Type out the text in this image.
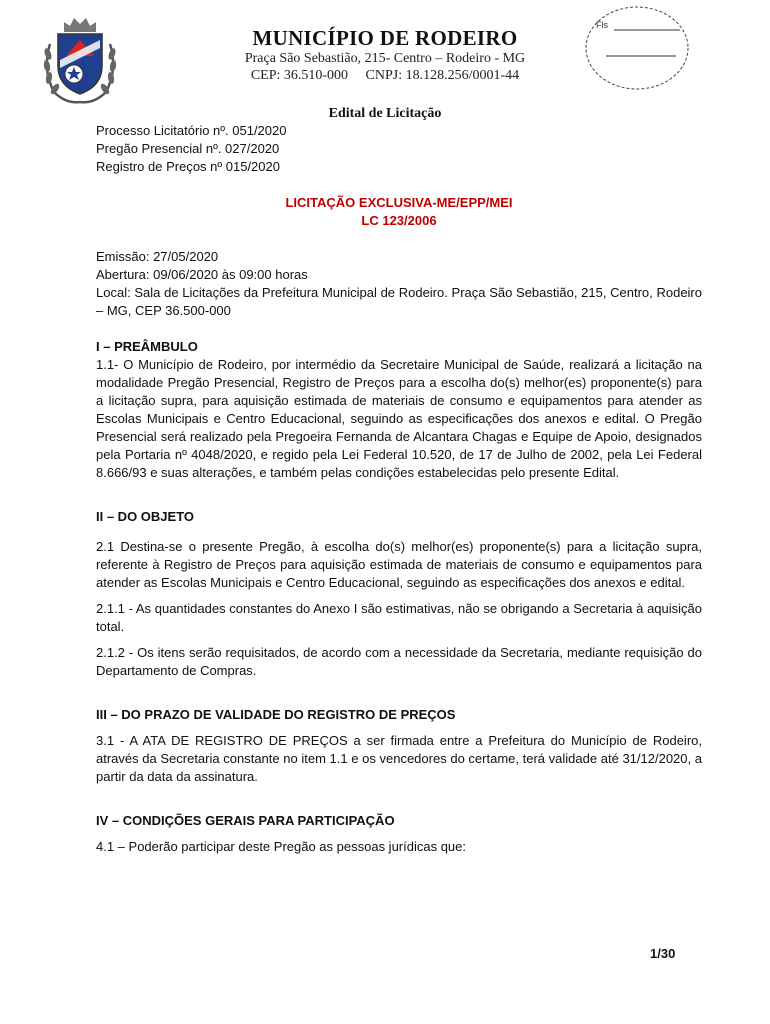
MUNICÍPIO DE RODEIRO

Praça São Sebastião, 215- Centro – Rodeiro - MG

CEP: 36.510-000 CNPJ: 18.128.256/0001-44

Fls
Edital de Licitação

Processo Licitatório nº. 051/2020

Pregão Presencial nº. 027/2020

Registro de Preços nº 015/2020

LICITAÇÃO EXCLUSIVA-ME/EPP/MEI

LC 123/2006

Emissão: 27/05/2020

Abertura: 09/06/2020 às 09:00 horas

Local: Sala de Licitações da Prefeitura Municipal de Rodeiro. Praça São Sebastião, 215, Centro, Rodeiro – MG, CEP 36.500-000

I – PREÂMBULO

1.1- O Município de Rodeiro, por intermédio da Secretaire Municipal de Saúde, realizará a licitação na modalidade Pregão Presencial, Registro de Preços para a escolha do(s) melhor(es) proponente(s) para a licitação supra, para aquisição estimada de materiais de consumo e equipamentos para atender as Escolas Municipais e Centro Educacional, seguindo as especificações dos anexos e edital. O Pregão Presencial será realizado pela Pregoeira Fernanda de Alcantara Chagas e Equipe de Apoio, designados pela Portaria nº 4048/2020, e regido pela Lei Federal 10.520, de 17 de Julho de 2002, pela Lei Federal 8.666/93 e suas alterações, e também pelas condições estabelecidas pelo presente Edital.

II – DO OBJETO

2.1 Destina-se o presente Pregão, à escolha do(s) melhor(es) proponente(s) para a licitação supra, referente à Registro de Preços para aquisição estimada de materiais de consumo e equipamentos para atender as Escolas Municipais e Centro Educacional, seguindo as especificações dos anexos e edital.

2.1.1 - As quantidades constantes do Anexo I são estimativas, não se obrigando a Secretaria à aquisição total.

2.1.2 - Os itens serão requisitados, de acordo com a necessidade da Secretaria, mediante requisição do Departamento de Compras.

III – DO PRAZO DE VALIDADE DO REGISTRO DE PREÇOS

3.1 - A ATA DE REGISTRO DE PREÇOS a ser firmada entre a Prefeitura do Município de Rodeiro, através da Secretaria constante no item 1.1 e os vencedores do certame, terá validade até 31/12/2020, a partir da data da assinatura.

IV – CONDIÇÕES GERAIS PARA PARTICIPAÇÃO

4.1 – Poderão participar deste Pregão as pessoas jurídicas que:

1/30
